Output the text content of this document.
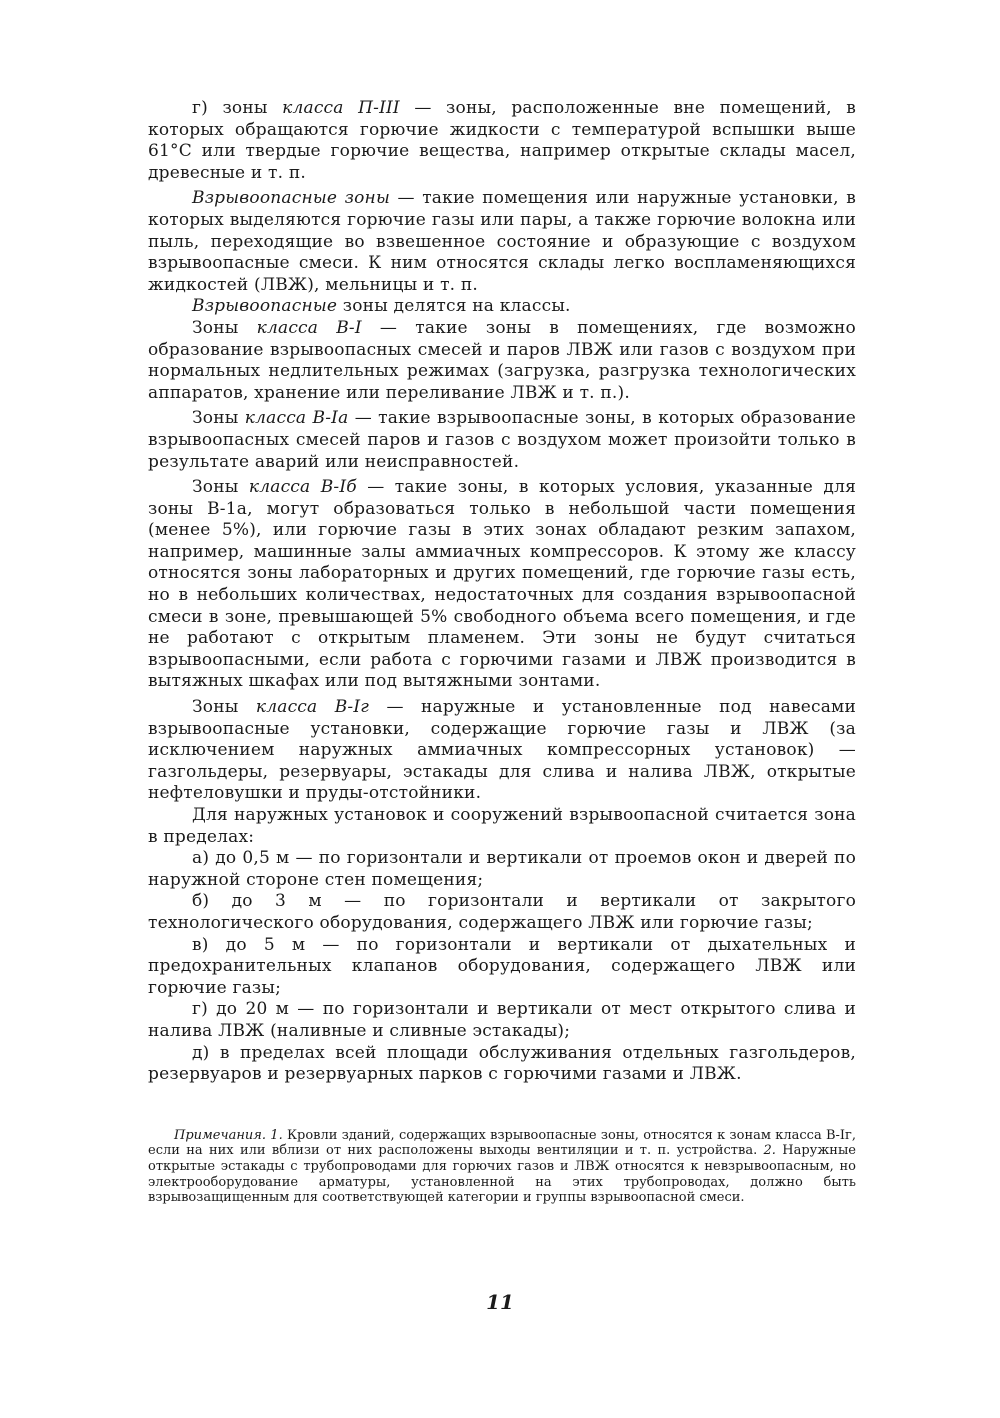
г) зоны класса П-III — зоны, расположенные вне помещений, в которых обращаются горючие жидкости с температурой вспышки выше 61°С или твердые горючие вещества, например открытые склады масел, древесные и т. п.

Взрывоопасные зоны — такие помещения или наружные установки, в которых выделяются горючие газы или пары, а также горючие волокна или пыль, переходящие во взвешенное состояние и образующие с воздухом взрывоопасные смеси. К ним относятся склады легко воспламеняющихся жидкостей (ЛВЖ), мельницы и т. п.

Взрывоопасные зоны делятся на классы.

Зоны класса В-I — такие зоны в помещениях, где возможно образование взрывоопасных смесей и паров ЛВЖ или газов с воздухом при нормальных недлительных режимах (загрузка, разгрузка технологических аппаратов, хранение или переливание ЛВЖ и т. п.).

Зоны класса В-Iа — такие взрывоопасные зоны, в которых образование взрывоопасных смесей паров и газов с воздухом может произойти только в результате аварий или неисправностей.

Зоны класса В-Iб — такие зоны, в которых условия, указанные для зоны В-1а, могут образоваться только в небольшой части помещения (менее 5%), или горючие газы в этих зонах обладают резким запахом, например, машинные залы аммиачных компрессоров. К этому же классу относятся зоны лабораторных и других помещений, где горючие газы есть, но в небольших количествах, недостаточных для создания взрывоопасной смеси в зоне, превышающей 5% свободного объема всего помещения, и где не работают с открытым пламенем. Эти зоны не будут считаться взрывоопасными, если работа с горючими газами и ЛВЖ производится в вытяжных шкафах или под вытяжными зонтами.

Зоны класса В-Iг — наружные и установленные под навесами взрывоопасные установки, содержащие горючие газы и ЛВЖ (за исключением наружных аммиачных компрессорных установок) — газгольдеры, резервуары, эстакады для слива и налива ЛВЖ, открытые нефтеловушки и пруды-отстойники.

Для наружных установок и сооружений взрывоопасной считается зона в пределах:

а) до 0,5 м — по горизонтали и вертикали от проемов окон и дверей по наружной стороне стен помещения;

б) до 3 м — по горизонтали и вертикали от закрытого технологического оборудования, содержащего ЛВЖ или горючие газы;

в) до 5 м — по горизонтали и вертикали от дыхательных и предохранительных клапанов оборудования, содержащего ЛВЖ или горючие газы;

г) до 20 м — по горизонтали и вертикали от мест открытого слива и налива ЛВЖ (наливные и сливные эстакады);

д) в пределах всей площади обслуживания отдельных газгольдеров, резервуаров и резервуарных парков с горючими газами и ЛВЖ.

Примечания. 1. Кровли зданий, содержащих взрывоопасные зоны, относятся к зонам класса В-Iг, если на них или вблизи от них расположены выходы вентиляции и т. п. устройства. 2. Наружные открытые эстакады с трубопроводами для горючих газов и ЛВЖ относятся к невзрывоопасным, но электрооборудование арматуры, установленной на этих трубопроводах, должно быть взрывозащищенным для соответствующей категории и группы взрывоопасной смеси.

11
